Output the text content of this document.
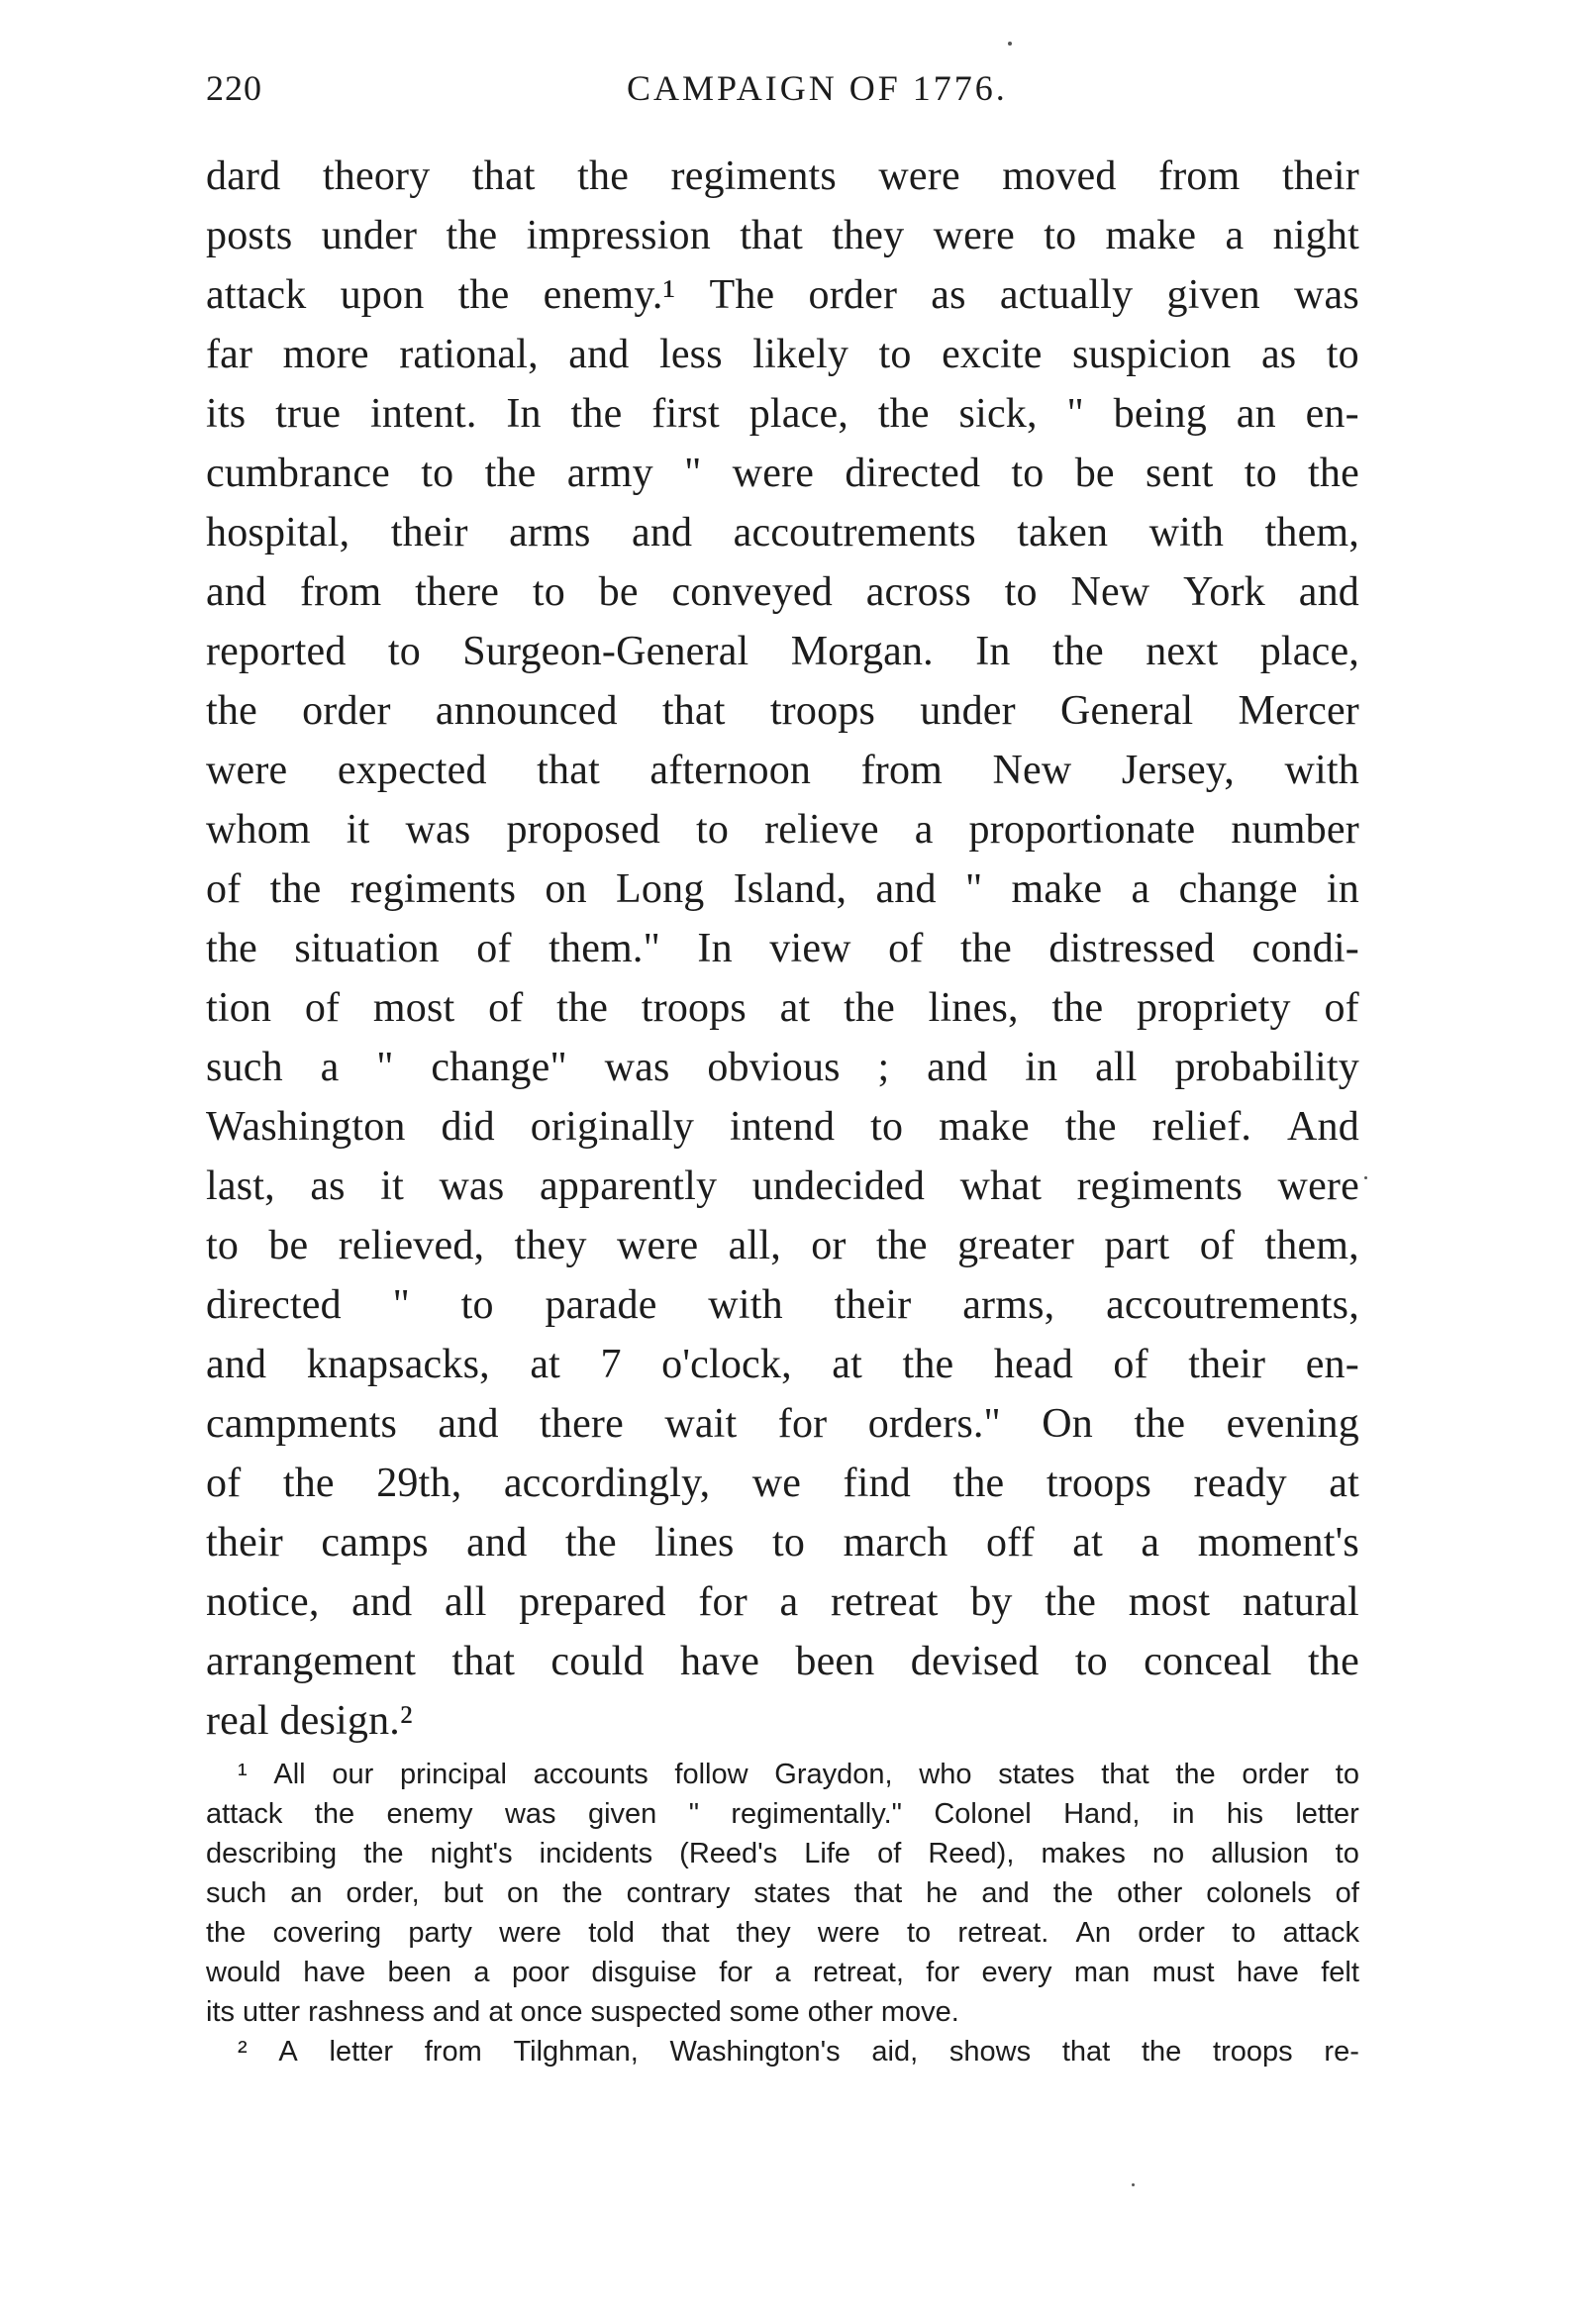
220	CAMPAIGN OF 1776.
dard theory that the regiments were moved from their
posts under the impression that they were to make a night
attack upon the enemy.¹ The order as actually given was
far more rational, and less likely to excite suspicion as to
its true intent. In the first place, the sick, " being an en-
cumbrance to the army " were directed to be sent to the
hospital, their arms and accoutrements taken with them,
and from there to be conveyed across to New York and
reported to Surgeon-General Morgan. In the next place,
the order announced that troops under General Mercer
were expected that afternoon from New Jersey, with
whom it was proposed to relieve a proportionate number
of the regiments on Long Island, and " make a change in
the situation of them." In view of the distressed condi-
tion of most of the troops at the lines, the propriety of
such a " change" was obvious ; and in all probability
Washington did originally intend to make the relief. And
last, as it was apparently undecided what regiments were
to be relieved, they were all, or the greater part of them,
directed " to parade with their arms, accoutrements,
and knapsacks, at 7 o'clock, at the head of their en-
campments and there wait for orders." On the evening
of the 29th, accordingly, we find the troops ready at
their camps and the lines to march off at a moment's
notice, and all prepared for a retreat by the most natural
arrangement that could have been devised to conceal the
real design.²
¹ All our principal accounts follow Graydon, who states that the order to
attack the enemy was given " regimentally." Colonel Hand, in his letter
describing the night's incidents (Reed's Life of Reed), makes no allusion to
such an order, but on the contrary states that he and the other colonels of
the covering party were told that they were to retreat. An order to attack
would have been a poor disguise for a retreat, for every man must have felt
its utter rashness and at once suspected some other move.
² A letter from Tilghman, Washington's aid, shows that the troops re-
